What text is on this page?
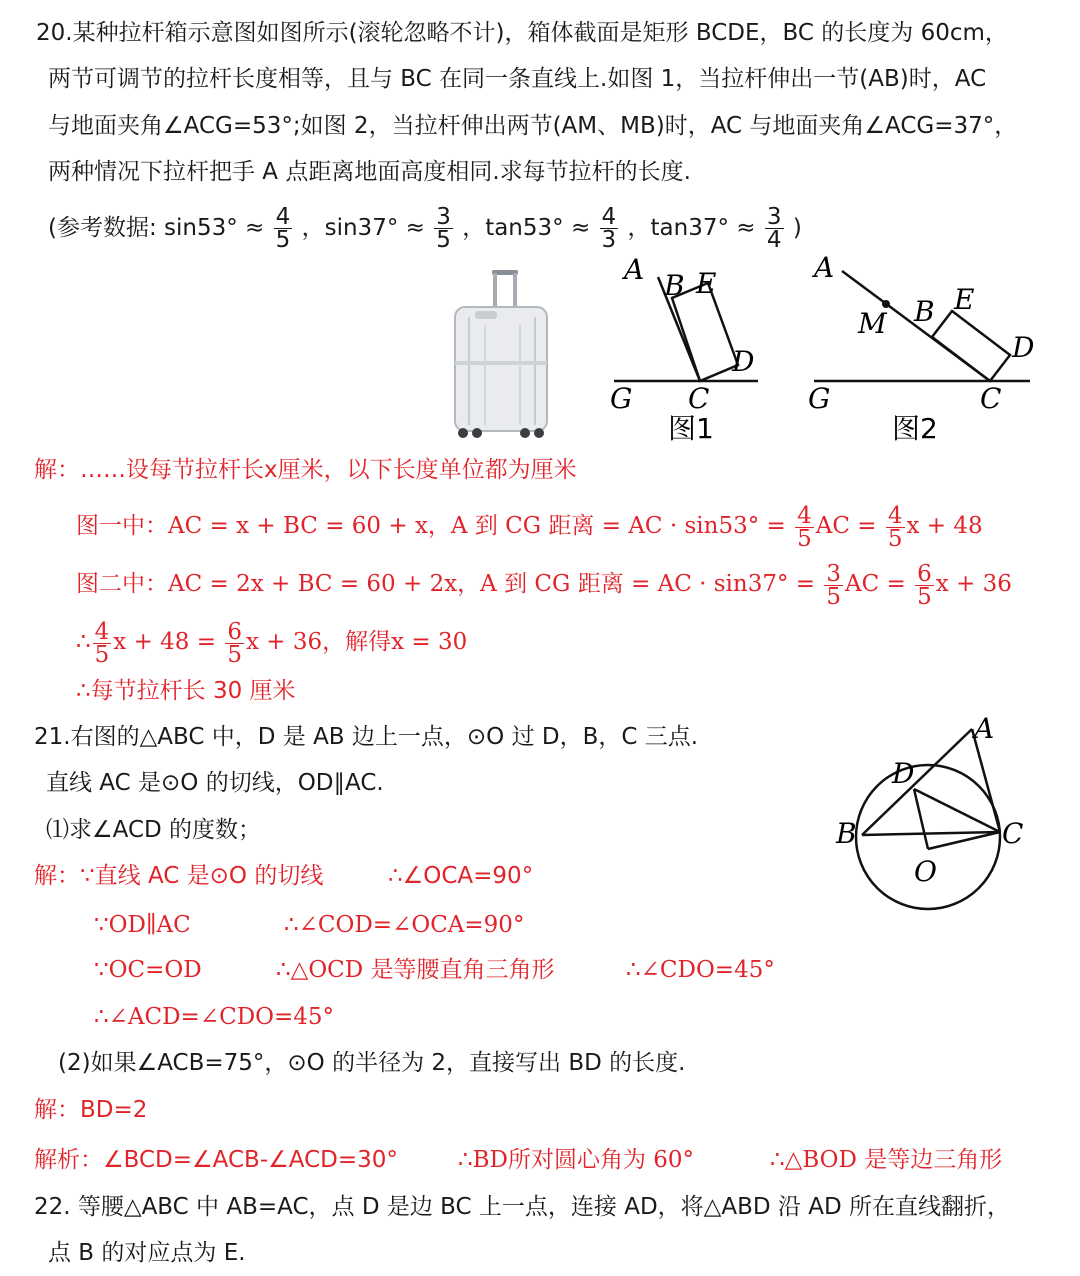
20.某种拉杆箱示意图如图所示(滚轮忽略不计)，箱体截面是矩形 BCDE，BC 的长度为 60cm，
两节可调节的拉杆长度相等，且与 BC 在同一条直线上.如图 1，当拉杆伸出一节(AB)时，AC
与地面夹角∠ACG=53°;如图 2，当拉杆伸出两节(AM、MB)时，AC 与地面夹角∠ACG=37°，
两种情况下拉杆把手 A 点距离地面高度相同.求每节拉杆的长度.
(参考数据: $\sin 53^\circ \approx \frac{4}{5}$ ，$\sin 37^\circ \approx \frac{3}{5}$ ，$\tan 53^\circ \approx \frac{4}{3}$ ，$\tan 37^\circ \approx \frac{3}{4}$ )
A B E
D
G C
图1
A
M B E
D
G	C
图2
解：……设每节拉杆长x厘米，以下长度单位都为厘米
图一中：AC = x + BC = 60 + x，A 到 CG 距离 = AC · $\sin 53^\circ = \frac{4}{5}$ AC = $\frac{4}{5}$ x + 48
图二中：AC = 2x + BC = 60 + 2x，A 到 CG 距离 = AC · $\sin 37^\circ = \frac{3}{5}$ AC = $\frac{6}{5}$ x + 36
∴ $\frac{4}{5}$ $x + 48 = \frac{6}{5}$ x + 36，解得x = 30
∴每节拉杆长 30 厘米
21.右图的△ABC 中，D 是 AB 边上一点，⊙O 过 D，B，C 三点.
直线 AC 是⊙O 的切线，OD∥AC.
⑴求∠ACD 的度数；
解：∵直线 AC 是⊙O 的切线	∴∠OCA=90°
∵OD∥AC	∴∠COD=∠OCA=90°
∵OC=OD	∴△OCD 是等腰直角三角形	∴∠CDO=45°
∴∠ACD=∠CDO=45°
(2)如果∠ACB=75°，⊙O 的半径为 2，直接写出 BD 的长度.
解：BD=2
解析：∠BCD=∠ACB-∠ACD=30°	∴BD所对圆心角为 60°	∴△BOD 是等边三角形
A
D
B	C
O
22. 等腰△ABC 中 AB=AC，点 D 是边 BC 上一点，连接 AD，将△ABD 沿 AD 所在直线翻折，
点 B 的对应点为 E.
